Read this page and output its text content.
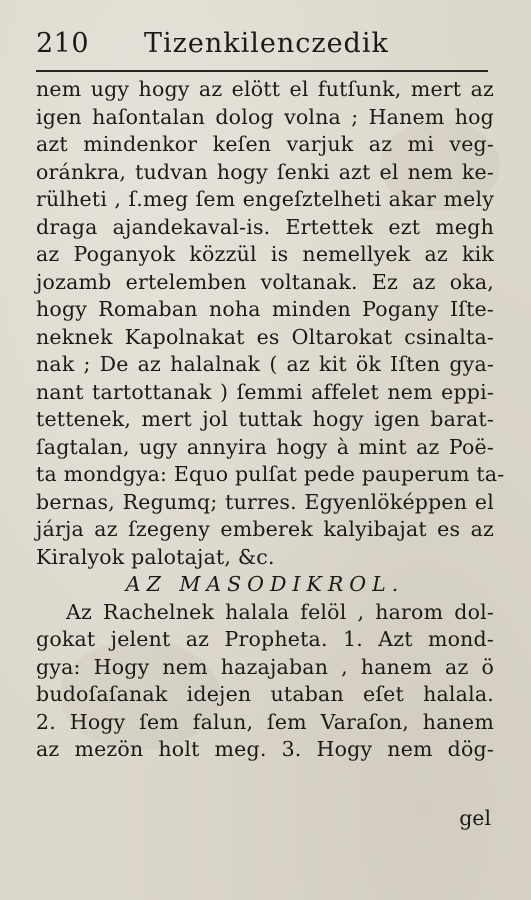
210 Tizenkilenczedik
nem ugy hogy az elött el futſunk, mert az
igen haſontalan dolog volna ; Hanem hog
azt mindenkor keſen varjuk az mi veg-
oránkra, tudvan hogy ſenki azt el nem ke-
rülheti , ſ.meg ſem engeſztelheti akar mely
draga ajandekaval-is. Ertettek ezt megh
az Poganyok közzül is nemellyek az kik
jozamb ertelemben voltanak. Ez az oka,
hogy Romaban noha minden Pogany Iſte-
neknek Kapolnakat es Oltarokat csinalta-
nak ; De az halalnak ( az kit ök Iſten gya-
nant tartottanak ) ſemmi affelet nem eppi-
tettenek, mert jol tuttak hogy igen barat-
ſagtalan, ugy annyira hogy à mint az Poë-
ta mondgya: Equo pulſat pede pauperum ta-
bernas, Regumq; turres. Egyenlöképpen el
járja az ſzegeny emberek kalyibajat es az
Kiralyok palotajat, &c.
AZ MASODIKROL.
Az Rachelnek halala felöl , harom dol-
gokat jelent az Propheta. 1. Azt mond-
gya: Hogy nem hazajaban , hanem az ö
budoſaſanak idejen utaban eſet halala.
2. Hogy ſem falun, ſem Varaſon, hanem
az mezön holt meg. 3. Hogy nem dög-
gel
